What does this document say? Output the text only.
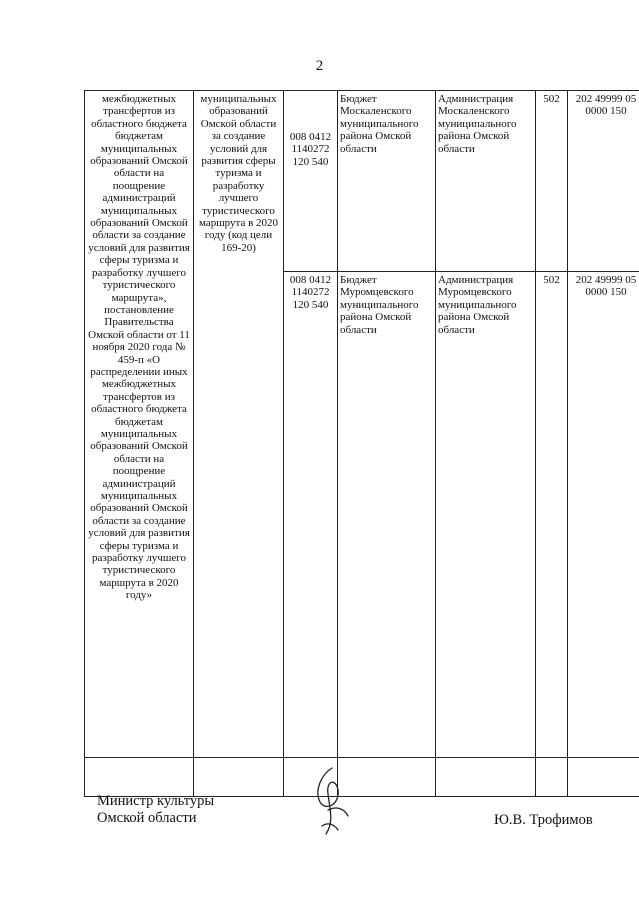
2
межбюджетных трансфертов из областного бюджета бюджетам муниципальных образований Омской области на поощрение администраций муниципальных образований Омской области за создание условий для развития сферы туризма и разработку лучшего туристического маршрута», постановление Правительства Омской области от 11 ноября 2020 года № 459-п «О распределении иных межбюджетных трансфертов из областного бюджета бюджетам муниципальных образований Омской области на поощрение администраций муниципальных образований Омской области за создание условий для развития сферы туризма и разработку лучшего туристического маршрута в 2020 году»	муниципальных образований Омской области за создание условий для развития сферы туризма и разработку лучшего туристического маршрута в 2020 году (код цели 169-20)	008 0412 1140272 120 540	Бюджет Москаленского муниципального района Омской области	Администрация Москаленского муниципального района Омской области	502	202 49999 05 0000 150
		008 0412 1140272 120 540	Бюджет Муромцевского муниципального района Омской области	Администрация Муромцевского муниципального района Омской области	502	202 49999 05 0000 150
Министр культуры
Омской области	Ю.В. Трофимов
